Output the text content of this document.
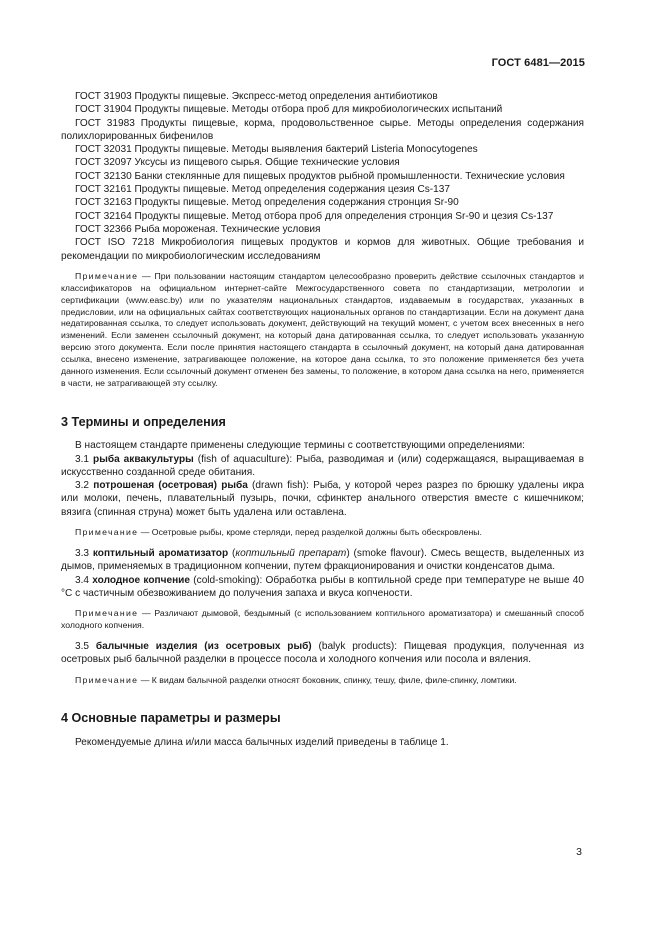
ГОСТ 6481—2015

ГОСТ 31903 Продукты пищевые. Экспресс-метод определения антибиотиков

ГОСТ 31904 Продукты пищевые. Методы отбора проб для микробиологических испытаний

ГОСТ 31983 Продукты пищевые, корма, продовольственное сырье. Методы определения содержания полихлорированных бифенилов

ГОСТ 32031 Продукты пищевые. Методы выявления бактерий Listeria Monocytogenes

ГОСТ 32097 Уксусы из пищевого сырья. Общие технические условия

ГОСТ 32130 Банки стеклянные для пищевых продуктов рыбной промышленности. Технические условия

ГОСТ 32161 Продукты пищевые. Метод определения содержания цезия Cs-137

ГОСТ 32163 Продукты пищевые. Метод определения содержания стронция Sr-90

ГОСТ 32164 Продукты пищевые. Метод отбора проб для определения стронция Sr-90 и цезия Cs-137

ГОСТ 32366 Рыба мороженая. Технические условия

ГОСТ ISO 7218 Микробиология пищевых продуктов и кормов для животных. Общие требования и рекомендации по микробиологическим исследованиям

Примечание — При пользовании настоящим стандартом целесообразно проверить действие ссылочных стандартов и классификаторов на официальном интернет-сайте Межгосударственного совета по стандартизации, метрологии и сертификации (www.easc.by) или по указателям национальных стандартов, издаваемым в государствах, указанных в предисловии, или на официальных сайтах соответствующих национальных органов по стандартизации. Если на документ дана недатированная ссылка, то следует использовать документ, действующий на текущий момент, с учетом всех внесенных в него изменений. Если заменен ссылочный документ, на который дана датированная ссылка, то следует использовать указанную версию этого документа. Если после принятия настоящего стандарта в ссылочный документ, на который дана датированная ссылка, внесено изменение, затрагивающее положение, на которое дана ссылка, то это положение применяется без учета данного изменения. Если ссылочный документ отменен без замены, то положение, в котором дана ссылка на него, применяется в части, не затрагивающей эту ссылку.

3 Термины и определения

В настоящем стандарте применены следующие термины с соответствующими определениями:

3.1 рыба аквакультуры (fish of aquaculture): Рыба, разводимая и (или) содержащаяся, выращиваемая в искусственно созданной среде обитания.

3.2 потрошеная (осетровая) рыба (drawn fish): Рыба, у которой через разрез по брюшку удалены икра или молоки, печень, плавательный пузырь, почки, сфинктер анального отверстия вместе с кишечником; вязига (спинная струна) может быть удалена или оставлена.

Примечание — Осетровые рыбы, кроме стерляди, перед разделкой должны быть обескровлены.

3.3 коптильный ароматизатор (коптильный препарат) (smoke flavour). Смесь веществ, выделенных из дымов, применяемых в традиционном копчении, путем фракционирования и очистки конденсатов дыма.

3.4 холодное копчение (cold-smoking): Обработка рыбы в коптильной среде при температуре не выше 40 °С с частичным обезвоживанием до получения запаха и вкуса копчености.

Примечание — Различают дымовой, бездымный (с использованием коптильного ароматизатора) и смешанный способ холодного копчения.

3.5 балычные изделия (из осетровых рыб) (balyk products): Пищевая продукция, полученная из осетровых рыб балычной разделки в процессе посола и холодного копчения или посола и вяления.

Примечание — К видам балычной разделки относят боковник, спинку, тешу, филе, филе-спинку, ломтики.

4 Основные параметры и размеры

Рекомендуемые длина и/или масса балычных изделий приведены в таблице 1.

3
